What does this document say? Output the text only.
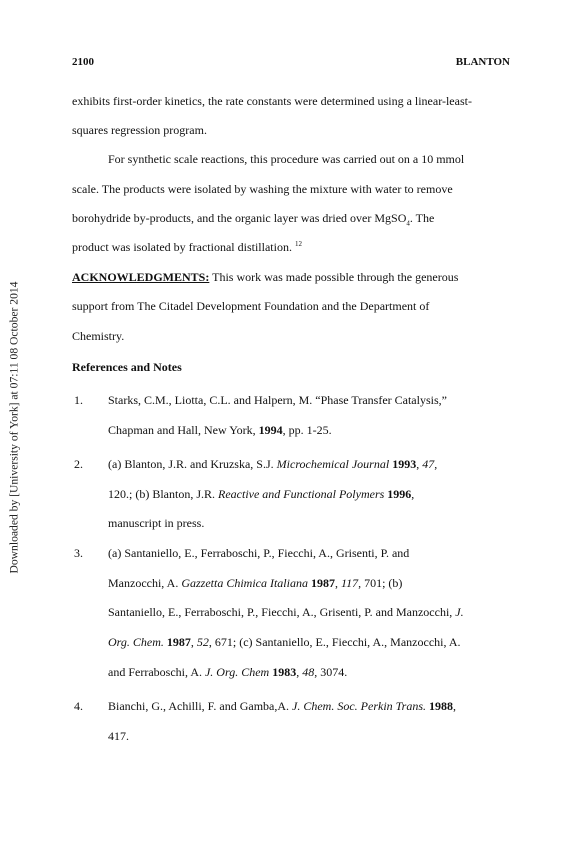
Downloaded by [University of York] at 07:11 08 October 2014
2100	BLANTON
exhibits first-order kinetics, the rate constants were determined using a linear-least-
squares regression program.
For synthetic scale reactions, this procedure was carried out on a 10 mmol
scale. The products were isolated by washing the mixture with water to remove
borohydride by-products, and the organic layer was dried over MgSO$_4$. The
product was isolated by fractional distillation. $^{12}$
ACKNOWLEDGMENTS: This work was made possible through the generous
support from The Citadel Development Foundation and the Department of
Chemistry.
References and Notes
1. Starks, C.M., Liotta, C.L. and Halpern, M. “Phase Transfer Catalysis,”
Chapman and Hall, New York, 1994, pp. 1-25.
2. (a) Blanton, J.R. and Kruzska, S.J. Microchemical Journal 1993, 47,
120.; (b) Blanton, J.R. Reactive and Functional Polymers 1996,
manuscript in press.
3. (a) Santaniello, E., Ferraboschi, P., Fiecchi, A., Grisenti, P. and
Manzocchi, A. Gazzetta Chimica Italiana 1987, 117, 701; (b)
Santaniello, E., Ferraboschi, P., Fiecchi, A., Grisenti, P. and Manzocchi, J.
Org. Chem. 1987, 52, 671; (c) Santaniello, E., Fiecchi, A., Manzocchi, A.
and Ferraboschi, A. J. Org. Chem 1983, 48, 3074.
4. Bianchi, G., Achilli, F. and Gamba,A. J. Chem. Soc. Perkin Trans. 1988,
417.
